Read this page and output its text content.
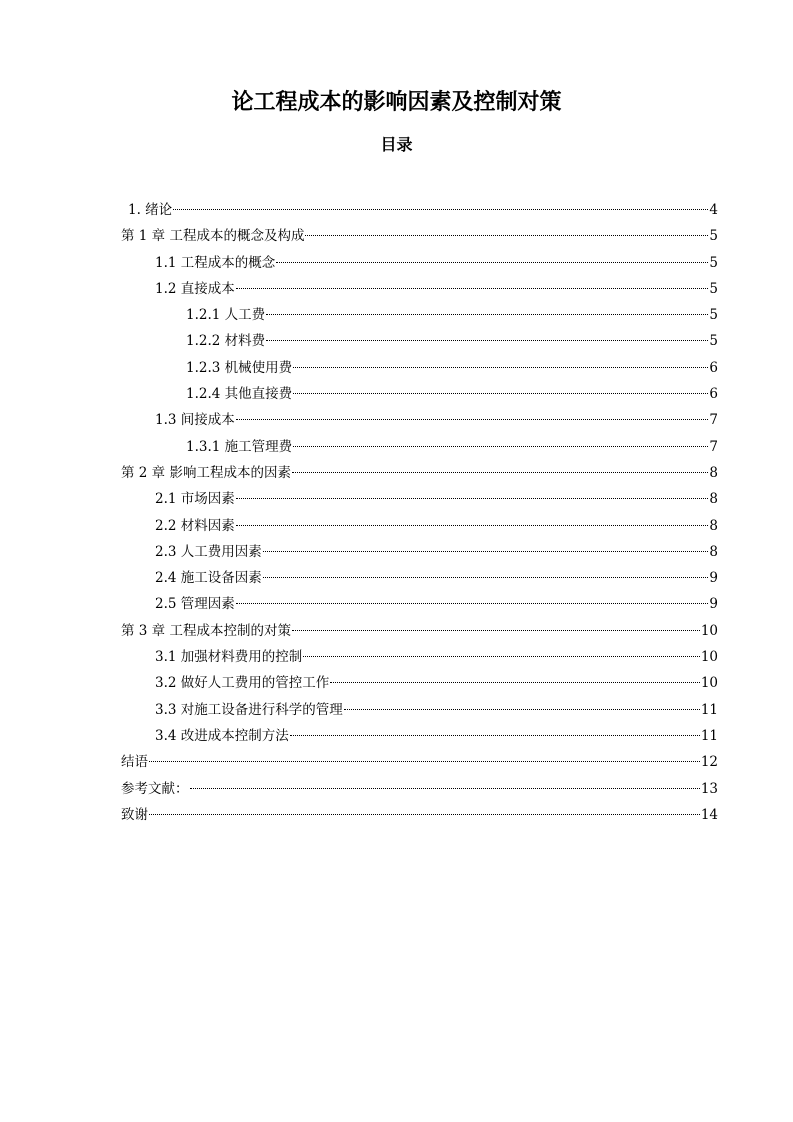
论工程成本的影响因素及控制对策
目录
1. 绪论	4
第 1 章 工程成本的概念及构成	5
1.1 工程成本的概念	5
1.2 直接成本	5
1.2.1 人工费	5
1.2.2 材料费	5
1.2.3 机械使用费	6
1.2.4 其他直接费	6
1.3 间接成本	7
1.3.1 施工管理费	7
第 2 章 影响工程成本的因素	8
2.1 市场因素	8
2.2 材料因素	8
2.3 人工费用因素	8
2.4 施工设备因素	9
2.5 管理因素	9
第 3 章 工程成本控制的对策	10
3.1 加强材料费用的控制	10
3.2 做好人工费用的管控工作	10
3.3 对施工设备进行科学的管理	11
3.4 改进成本控制方法	11
结语	12
参考文献：	13
致谢	14
